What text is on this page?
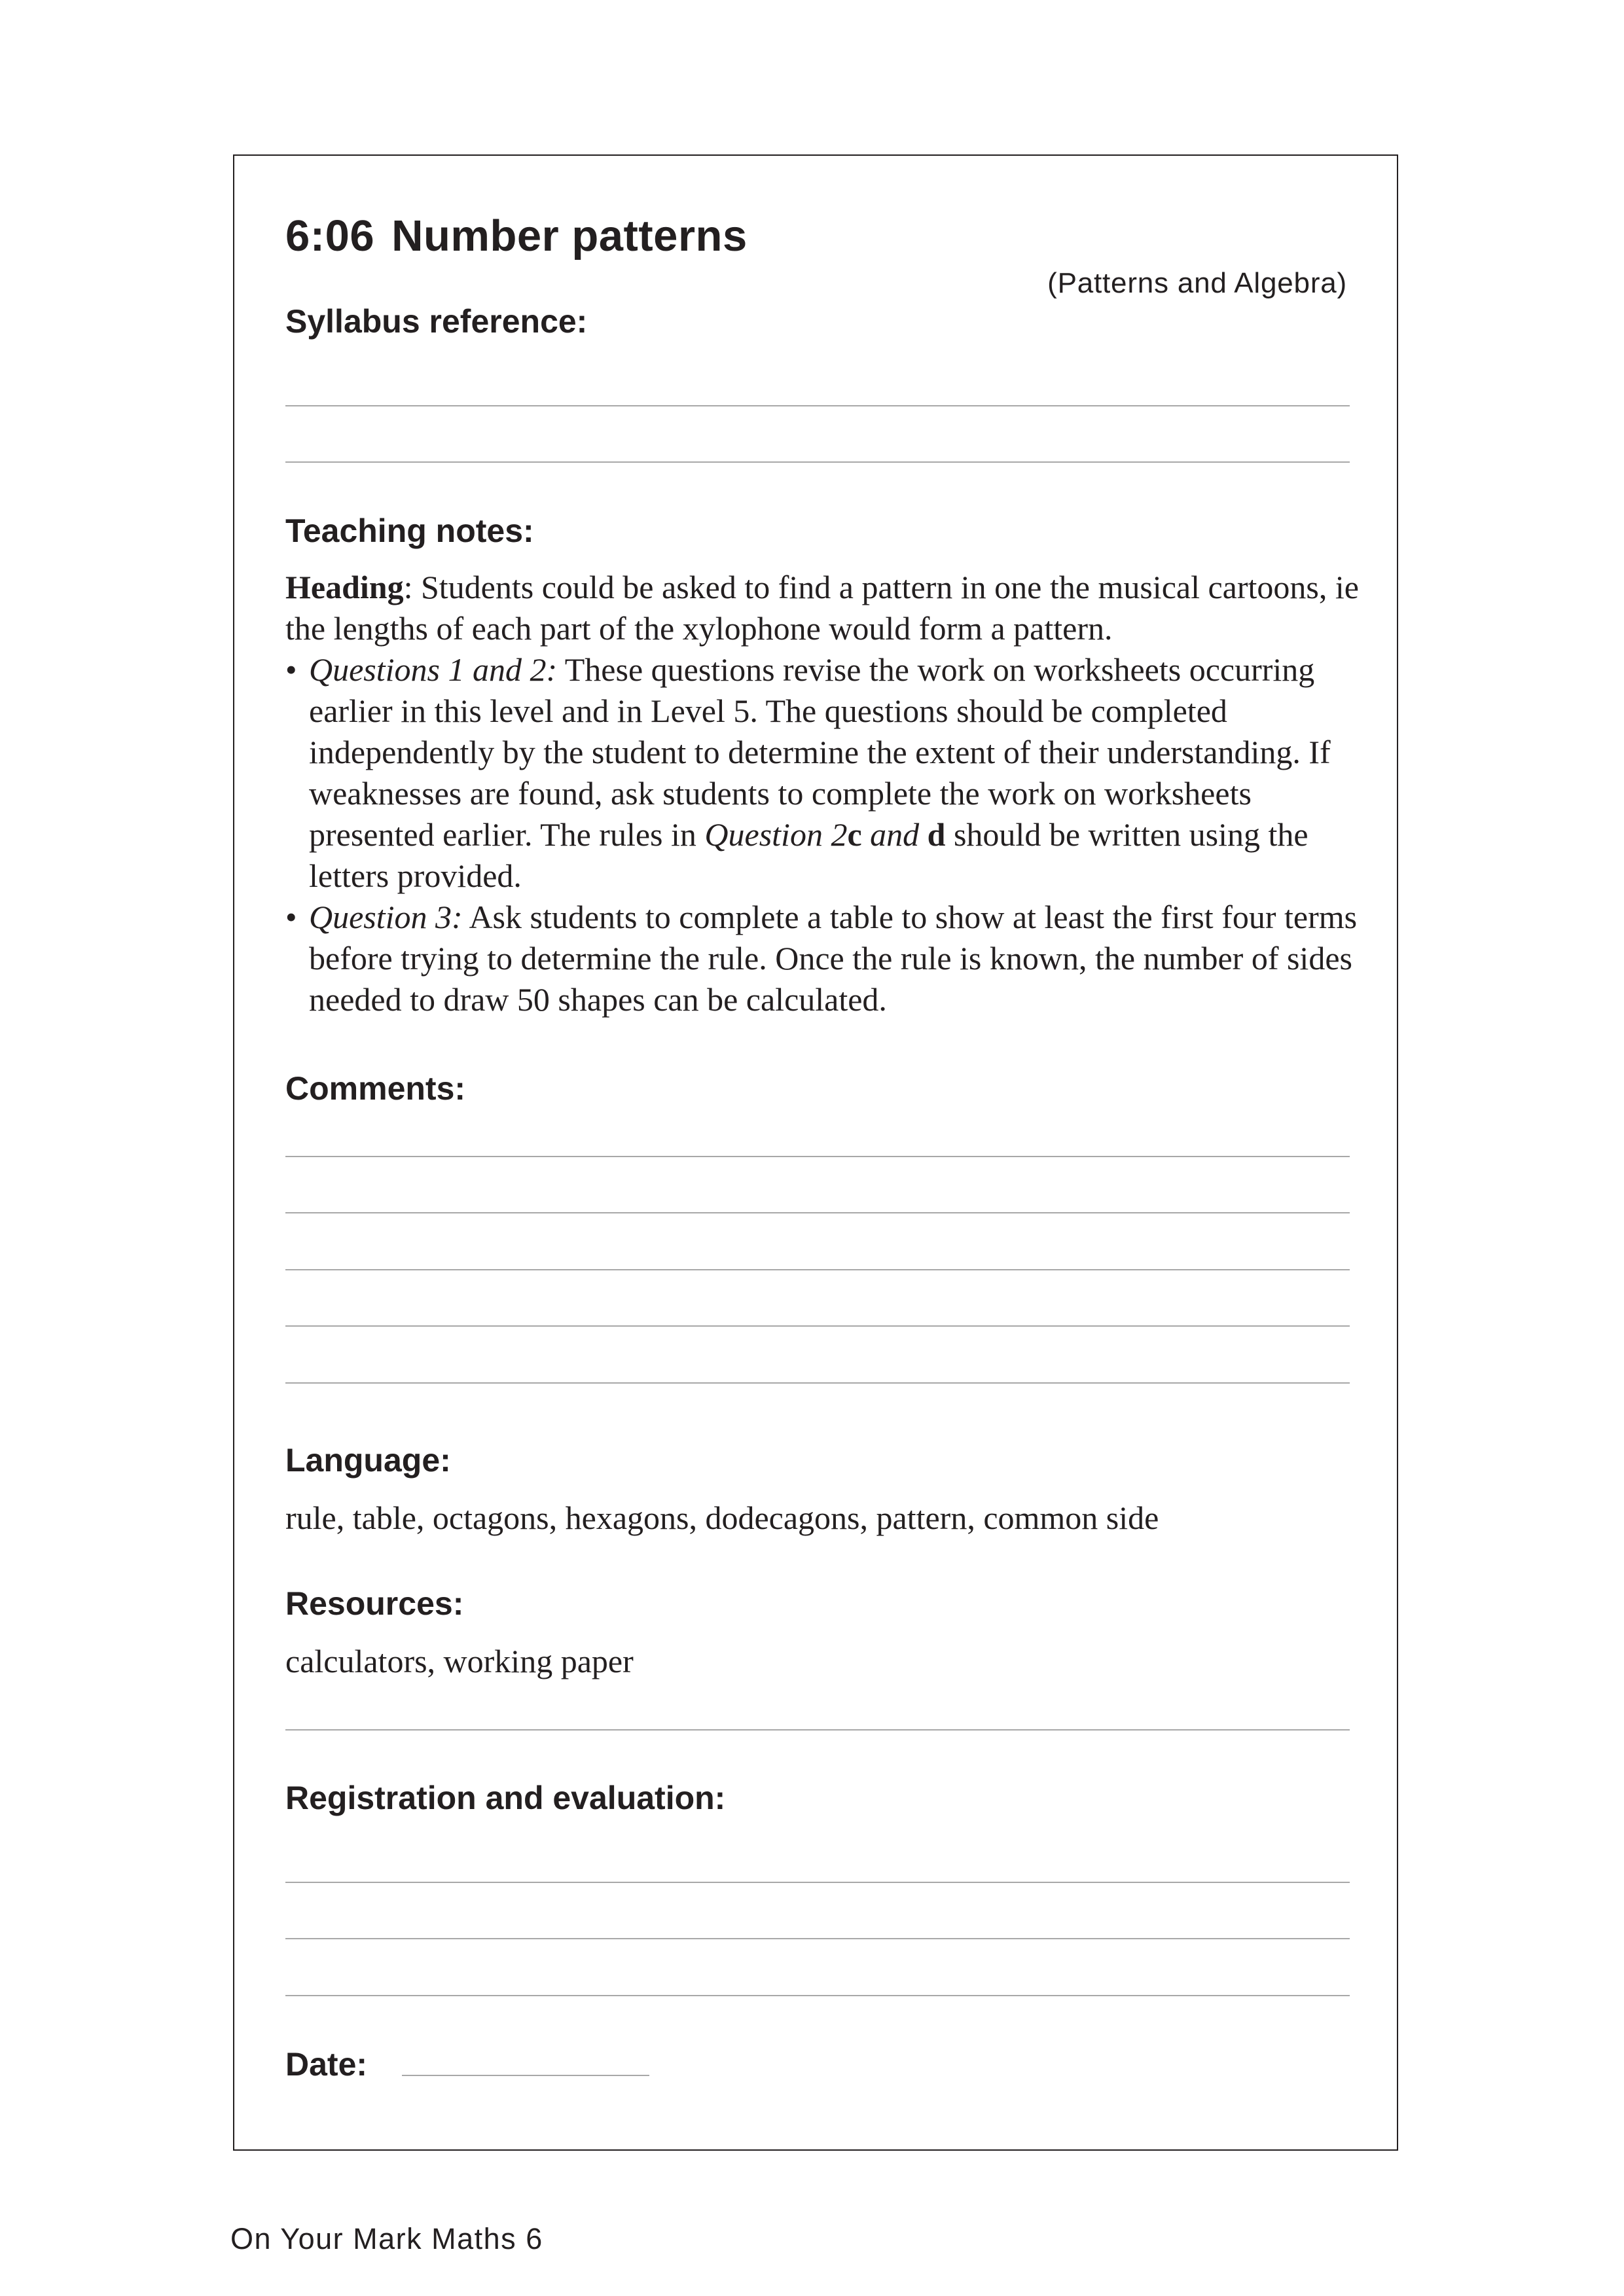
6:06 Number patterns
(Patterns and Algebra)
Syllabus reference:
Teaching notes:

Heading: Students could be asked to find a pattern in one the musical cartoons, ie the lengths of each part of the xylophone would form a pattern.

• Questions 1 and 2: These questions revise the work on worksheets occurring earlier in this level and in Level 5. The questions should be completed independently by the student to determine the extent of their understanding. If weaknesses are found, ask students to complete the work on worksheets presented earlier. The rules in Question 2c and d should be written using the letters provided.

• Question 3: Ask students to complete a table to show at least the first four terms before trying to determine the rule. Once the rule is known, the number of sides needed to draw 50 shapes can be calculated.

Comments:
Language:
rule, table, octagons, hexagons, dodecagons, pattern, common side
Resources:
calculators, working paper
Registration and evaluation:
Date:
On Your Mark Maths 6
